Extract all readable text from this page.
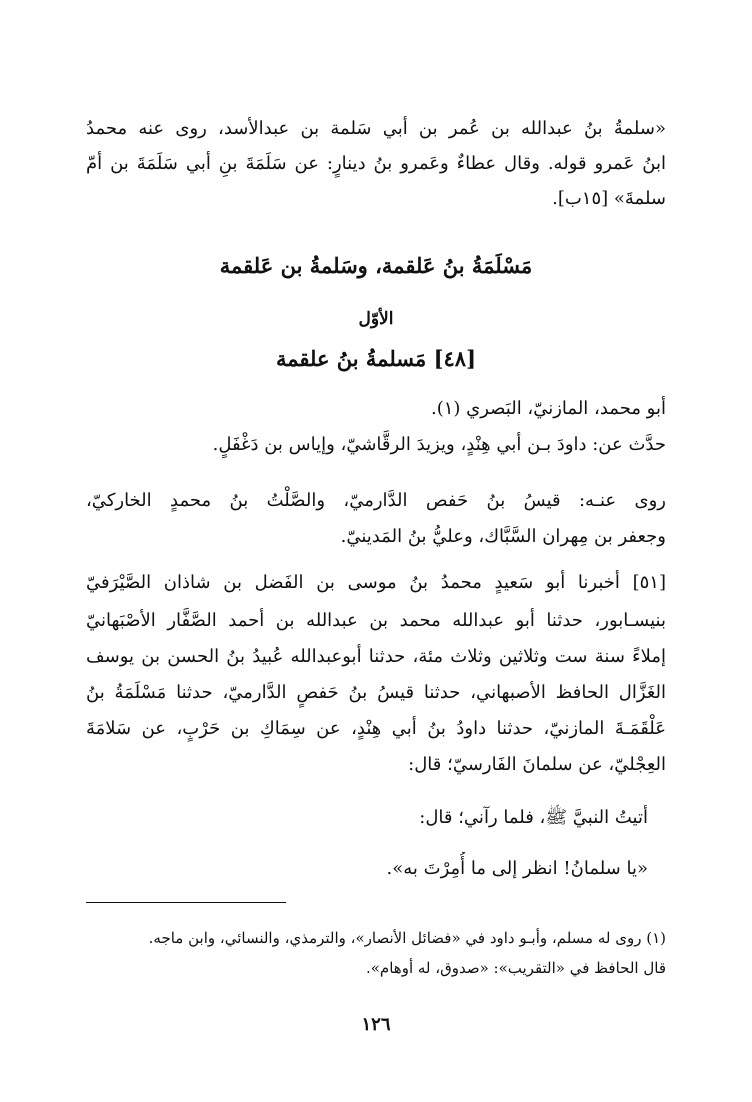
«سلمةُ بنُ عبدالله بن عُمر بن أبي سَلمة بن عبدالأسد، روى عنه محمدُ
ابنُ عَمرو قوله. وقال عطاءٌ وعَمرو بنُ دينارٍ: عن سَلَمَةَ بنِ أبي سَلَمَةَ بن أمّ
سلمةَ» [١٥ب].
مَسْلَمَةُ بنُ عَلقمة، وسَلمةُ بن عَلقمة
الأوّل
[٤٨] مَسلمةُ بنُ علقمة
أبو محمد، المازنيّ، البَصري (١).
حدَّث عن: داودَ بـن أبي هِنْدٍ، ويزيدَ الرقَّاشيّ، وإياس بن دَغْفَلٍ.
روى عنـه: قيسُ بنُ حَفص الدَّارميّ، والصَّلْتُ بنُ محمدٍ الخاركيّ،
وجعفر بن مِهران السَّبَّاك، وعليُّ بنُ المَدينيّ.
[٥١] أخبرنا أبو سَعيدٍ محمدُ بنُ موسى بن الفَضل بن شاذان الصَّيْرَفيّ
بنيسـابور، حدثنا أبو عبدالله محمد بن عبدالله بن أحمد الصَّفَّار الأصْبَهانيّ
إملاءً سنة ست وثلاثين وثلاث مئة، حدثنا أبوعبدالله عُبيدُ بنُ الحسن بن يوسف
الغَزَّال الحافظ الأصبهاني، حدثنا قيسُ بنُ حَفصٍ الدَّارميّ، حدثنا مَسْلَمَةُ بنُ
عَلْقَمَـةَ المازنيّ، حدثنا داودُ بنُ أبي هِنْدٍ، عن سِمَاكِ بن حَرْبٍ، عن سَلامَةَ
العِجْليّ، عن سلمانَ الفَارسيّ؛ قال:
أتيتُ النبيَّ ﷺ، فلما رآني؛ قال:
«يا سلمانُ! انظر إلى ما أُمِرْتَ به».
(١) روى له مسلم، وأبـو داود في «فضائل الأنصار»، والترمذي، والنسائي، وابن ماجه.
قال الحافظ في «التقريب»: «صدوق، له أوهام».
١٢٦
